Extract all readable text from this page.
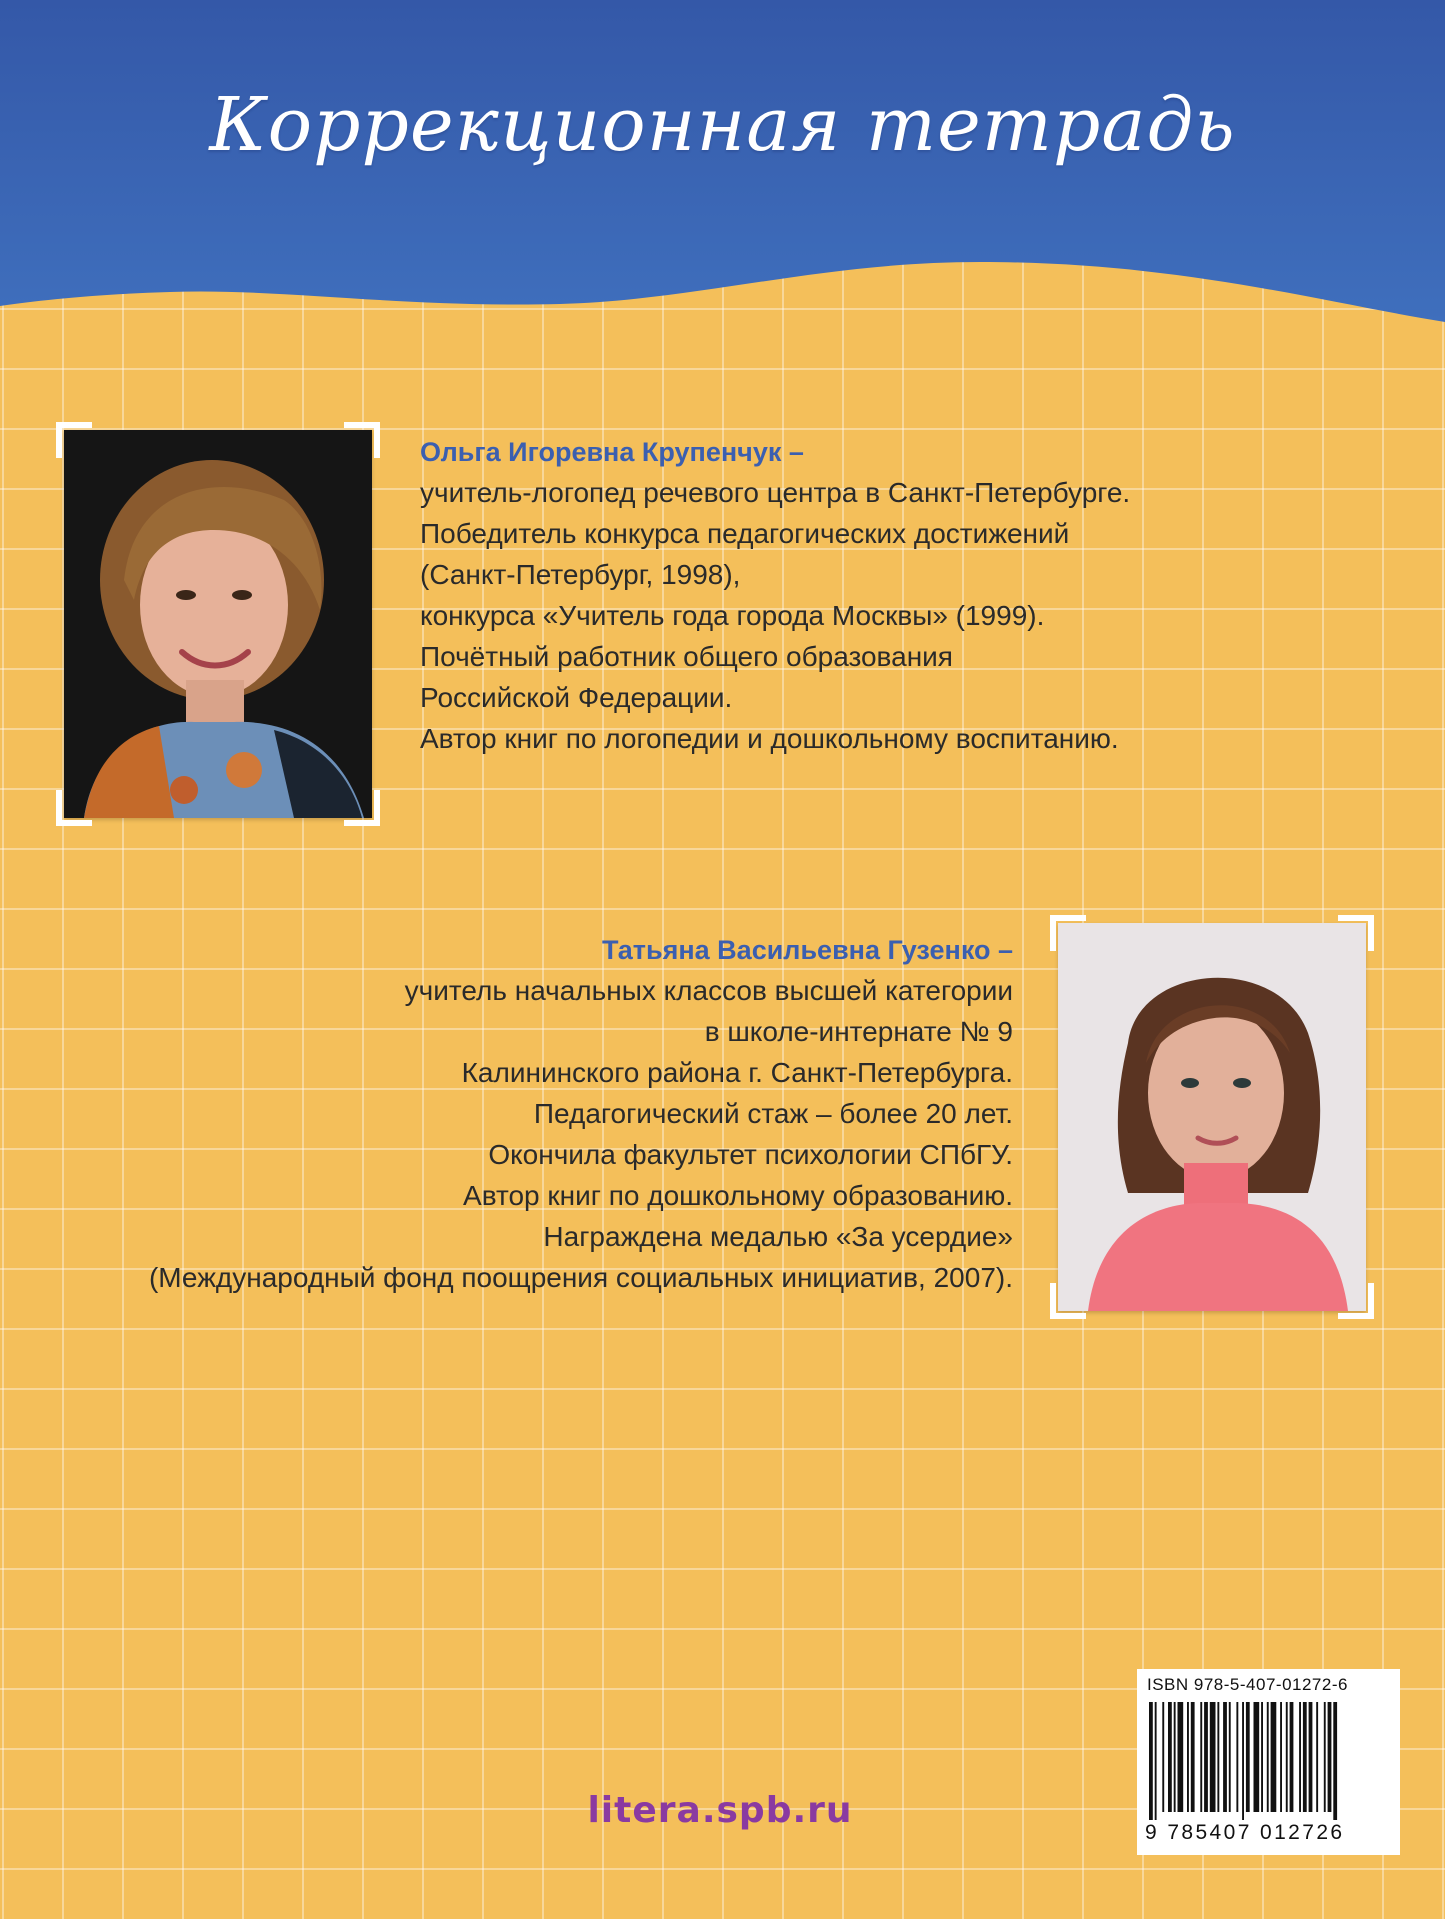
Коррекционная тетрадь
Ольга Игоревна Крупенчук –
учитель-логопед речевого центра в Санкт-Петербурге.
Победитель конкурса педагогических достижений
(Санкт-Петербург, 1998),
конкурса «Учитель года города Москвы» (1999).
Почётный работник общего образования
Российской Федерации.
Автор книг по логопедии и дошкольному воспитанию.
Татьяна Васильевна Гузенко –
учитель начальных классов высшей категории
в школе-интернате № 9
Калининского района г. Санкт-Петербурга.
Педагогический стаж – более 20 лет.
Окончила факультет психологии СПбГУ.
Автор книг по дошкольному образованию.
Награждена медалью «За усердие»
(Международный фонд поощрения социальных инициатив, 2007).
ISBN 978-5-407-01272-6
9 785407 012726
litera.spb.ru
